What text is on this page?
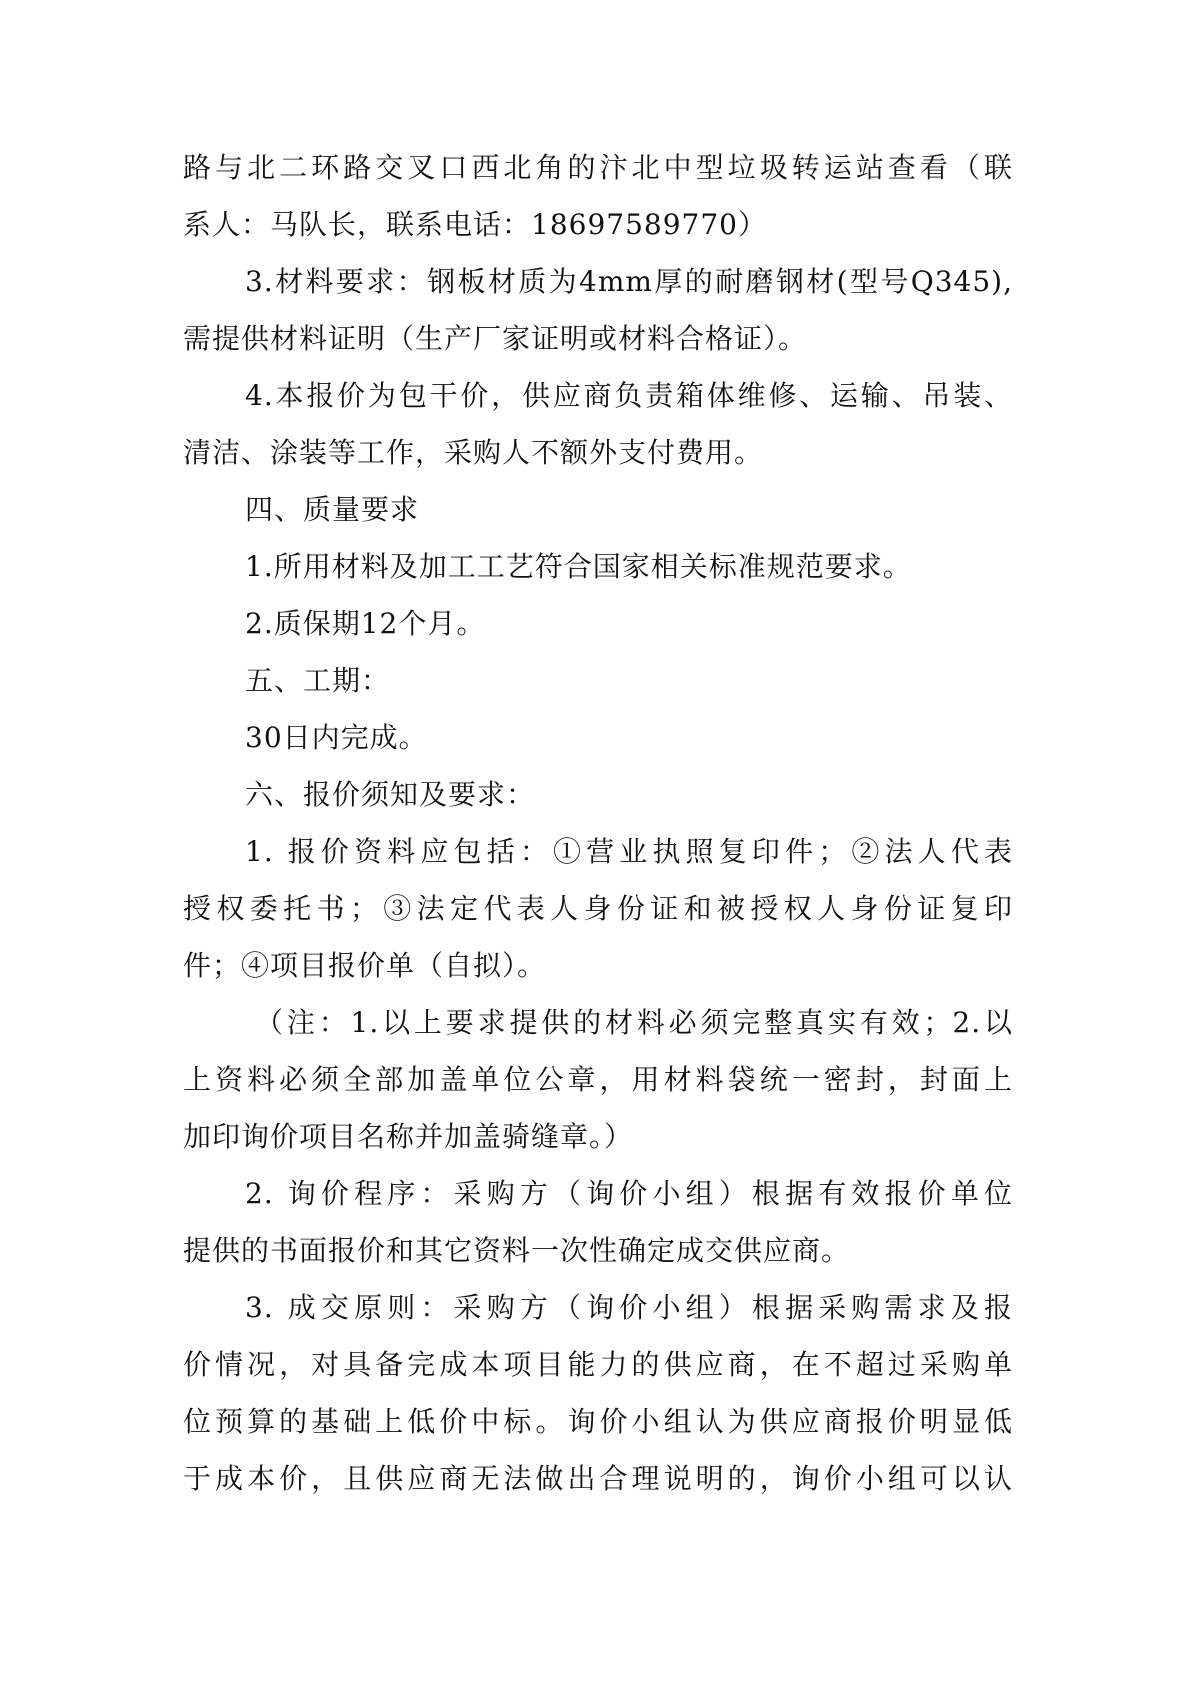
路与北二环路交叉口西北角的汴北中型垃圾转运站查看（联
系人：马队长，联系电话：18697589770）
3.材料要求：钢板材质为4mm厚的耐磨钢材(型号Q345),
需提供材料证明（生产厂家证明或材料合格证）。
4.本报价为包干价，供应商负责箱体维修、运输、吊装、
清洁、涂装等工作，采购人不额外支付费用。
四、质量要求
1.所用材料及加工工艺符合国家相关标准规范要求。
2.质保期12个月。
五、工期：
30日内完成。
六、报价须知及要求：
1. 报价资料应包括：①营业执照复印件；②法人代表
授权委托书；③法定代表人身份证和被授权人身份证复印
件；④项目报价单（自拟）。
（注：1.以上要求提供的材料必须完整真实有效；2.以
上资料必须全部加盖单位公章，用材料袋统一密封，封面上
加印询价项目名称并加盖骑缝章。）
2. 询价程序：采购方（询价小组）根据有效报价单位
提供的书面报价和其它资料一次性确定成交供应商。
3. 成交原则：采购方（询价小组）根据采购需求及报
价情况，对具备完成本项目能力的供应商，在不超过采购单
位预算的基础上低价中标。询价小组认为供应商报价明显低
于成本价，且供应商无法做出合理说明的，询价小组可以认
